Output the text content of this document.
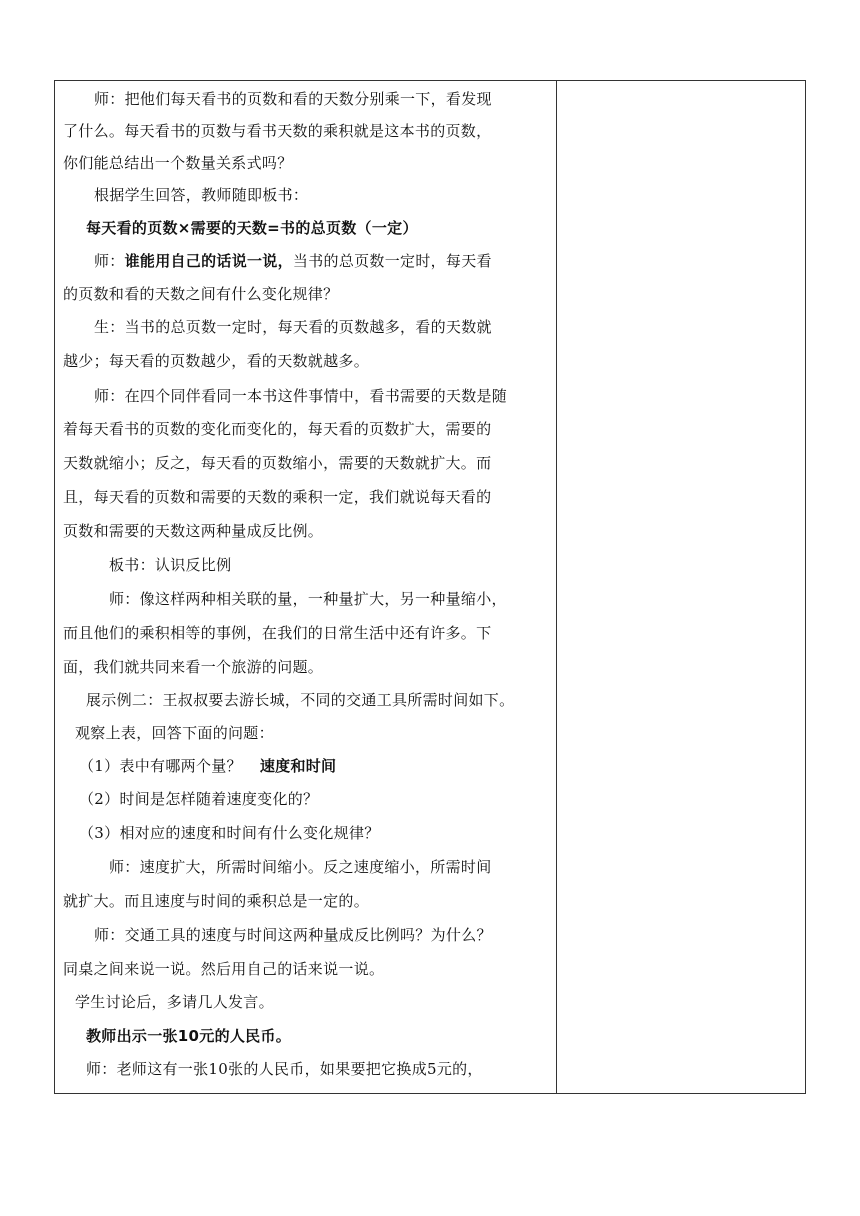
师：把他们每天看书的页数和看的天数分别乘一下，看发现
了什么。每天看书的页数与看书天数的乘积就是这本书的页数，
你们能总结出一个数量关系式吗？
根据学生回答，教师随即板书：
每天看的页数×需要的天数=书的总页数（一定）
师：谁能用自己的话说一说，当书的总页数一定时，每天看
的页数和看的天数之间有什么变化规律？
生：当书的总页数一定时，每天看的页数越多，看的天数就
越少；每天看的页数越少，看的天数就越多。
师：在四个同伴看同一本书这件事情中，看书需要的天数是随
着每天看书的页数的变化而变化的，每天看的页数扩大，需要的
天数就缩小；反之，每天看的页数缩小，需要的天数就扩大。而
且，每天看的页数和需要的天数的乘积一定，我们就说每天看的
页数和需要的天数这两种量成反比例。
板书：认识反比例
师：像这样两种相关联的量，一种量扩大，另一种量缩小，
而且他们的乘积相等的事例，在我们的日常生活中还有许多。下
面，我们就共同来看一个旅游的问题。
展示例二：王叔叔要去游长城，不同的交通工具所需时间如下。
观察上表，回答下面的问题：
（1）表中有哪两个量？ 速度和时间
（2）时间是怎样随着速度变化的？
（3）相对应的速度和时间有什么变化规律？
师：速度扩大，所需时间缩小。反之速度缩小，所需时间
就扩大。而且速度与时间的乘积总是一定的。
师：交通工具的速度与时间这两种量成反比例吗？为什么？
同桌之间来说一说。然后用自己的话来说一说。
学生讨论后，多请几人发言。
教师出示一张10元的人民币。
师：老师这有一张10张的人民币，如果要把它换成5元的，
